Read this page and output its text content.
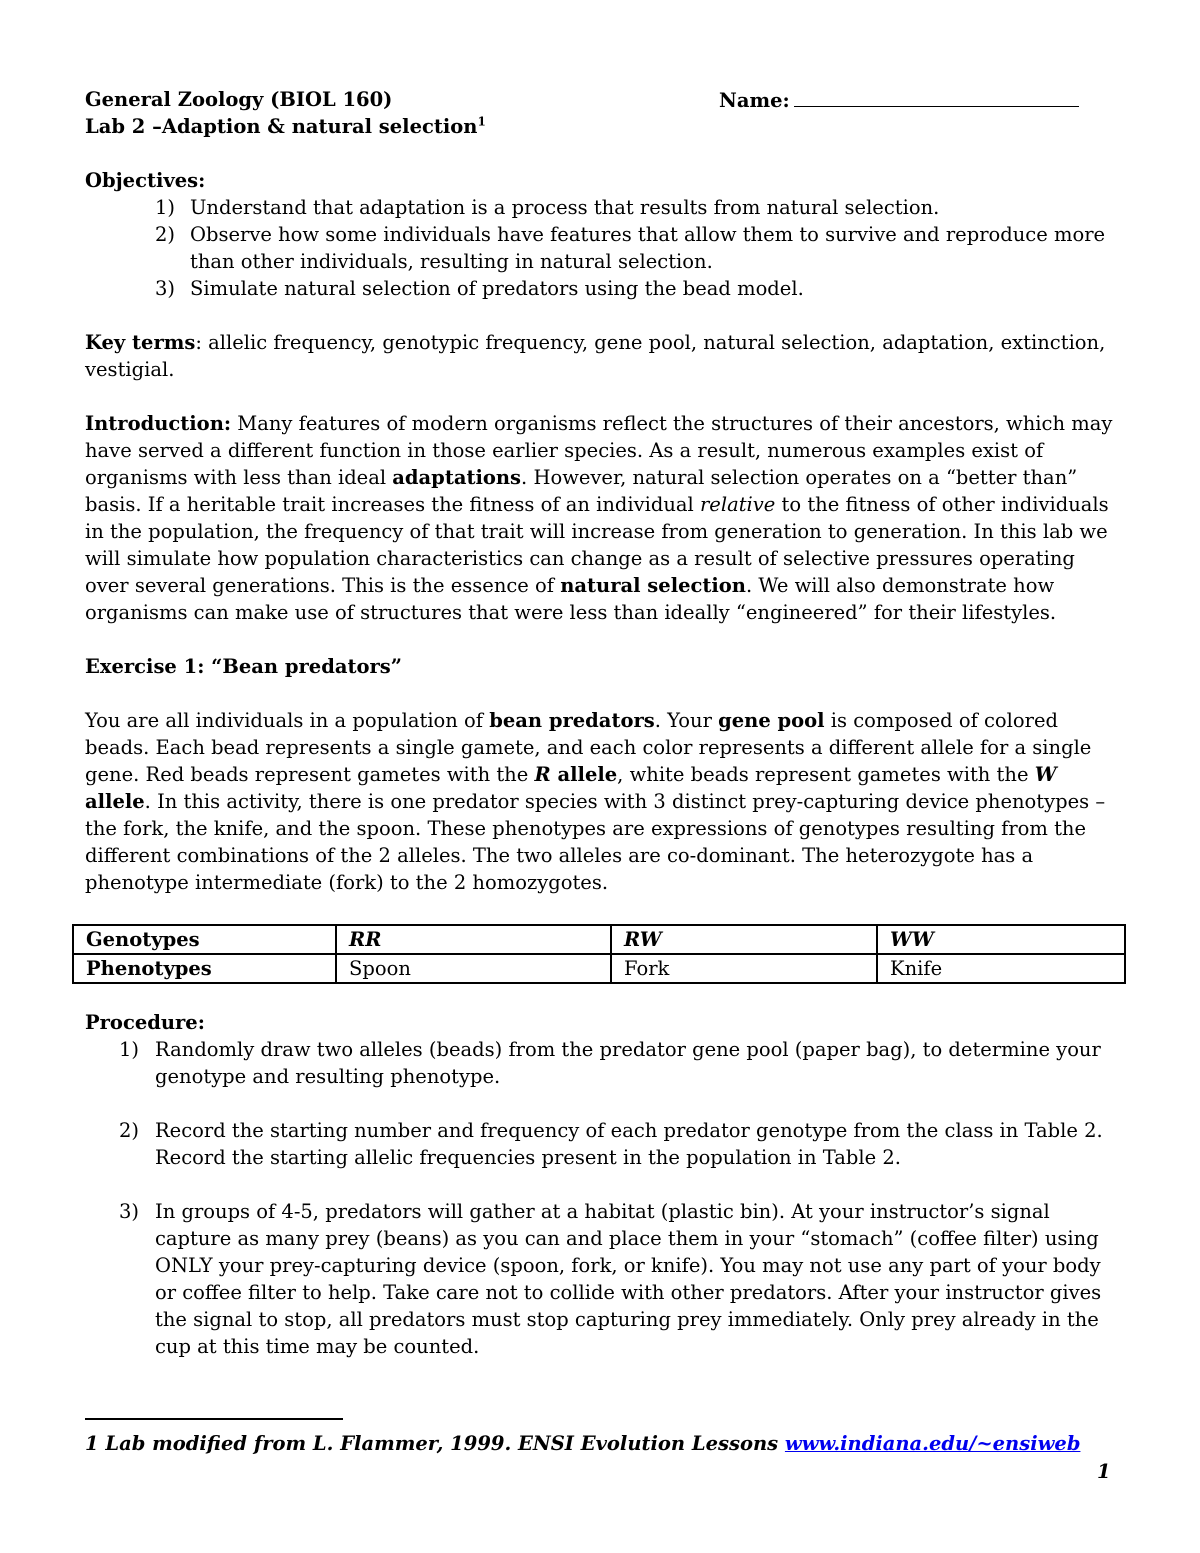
General Zoology (BIOL 160)
Lab 2 –Adaption & natural selection$^1$
Name:
Objectives:
1) Understand that adaptation is a process that results from natural selection.
2) Observe how some individuals have features that allow them to survive and reproduce more than other individuals, resulting in natural selection.
3) Simulate natural selection of predators using the bead model.
Key terms: allelic frequency, genotypic frequency, gene pool, natural selection, adaptation, extinction, vestigial.
Introduction: Many features of modern organisms reflect the structures of their ancestors, which may have served a different function in those earlier species. As a result, numerous examples exist of organisms with less than ideal adaptations. However, natural selection operates on a “better than” basis. If a heritable trait increases the fitness of an individual relative to the fitness of other individuals in the population, the frequency of that trait will increase from generation to generation. In this lab we will simulate how population characteristics can change as a result of selective pressures operating over several generations. This is the essence of natural selection. We will also demonstrate how organisms can make use of structures that were less than ideally “engineered” for their lifestyles.
Exercise 1: “Bean predators”
You are all individuals in a population of bean predators. Your gene pool is composed of colored beads. Each bead represents a single gamete, and each color represents a different allele for a single gene. Red beads represent gametes with the R allele, white beads represent gametes with the W allele. In this activity, there is one predator species with 3 distinct prey-capturing device phenotypes – the fork, the knife, and the spoon. These phenotypes are expressions of genotypes resulting from the different combinations of the 2 alleles. The two alleles are co-dominant. The heterozygote has a phenotype intermediate (fork) to the 2 homozygotes.
Genotypes	RR	RW	WW
Phenotypes	Spoon	Fork	Knife
Procedure:
1) Randomly draw two alleles (beads) from the predator gene pool (paper bag), to determine your genotype and resulting phenotype.
2) Record the starting number and frequency of each predator genotype from the class in Table 2. Record the starting allelic frequencies present in the population in Table 2.
3) In groups of 4-5, predators will gather at a habitat (plastic bin). At your instructor’s signal capture as many prey (beans) as you can and place them in your “stomach” (coffee filter) using ONLY your prey-capturing device (spoon, fork, or knife). You may not use any part of your body or coffee filter to help. Take care not to collide with other predators. After your instructor gives the signal to stop, all predators must stop capturing prey immediately. Only prey already in the cup at this time may be counted.
1 Lab modified from L. Flammer, 1999. ENSI Evolution Lessons www.indiana.edu/~ensiweb
1
